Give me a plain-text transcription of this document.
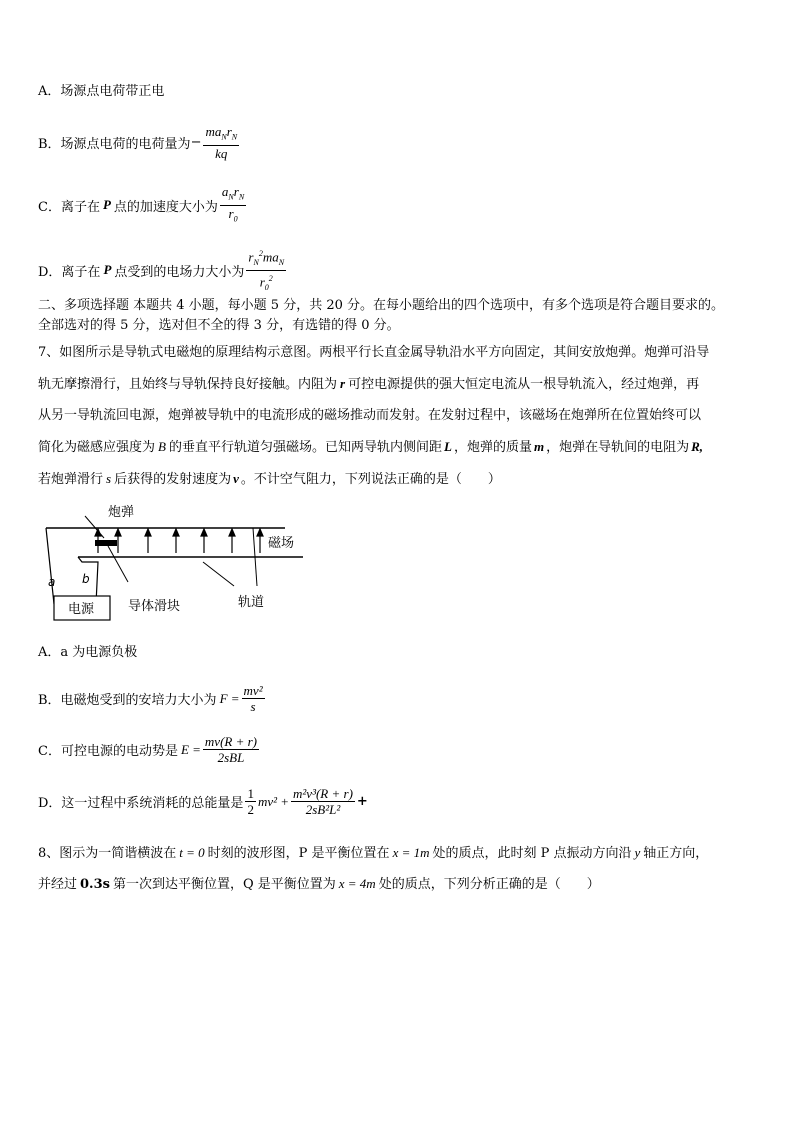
A．场源点电荷带正电
B．场源点电荷的电荷量为 − $\frac{ma_Nr_N}{kq}$
C．离子在 P 点的加速度大小为 $\frac{a_Nr_N}{r_0}$
D．离子在 P 点受到的电场力大小为 $\frac{r_N^2ma_N}{r_0^2}$
二、多项选择题 本题共 4 小题，每小题 5 分，共 20 分。在每小题给出的四个选项中，有多个选项是符合题目要求的。
全部选对的得 5 分，选对但不全的得 3 分，有选错的得 0 分。
7、如图所示是导轨式电磁炮的原理结构示意图。两根平行长直金属导轨沿水平方向固定，其间安放炮弹。炮弹可沿导
轨无摩擦滑行，且始终与导轨保持良好接触。内阻为 r 可控电源提供的强大恒定电流从一根导轨流入，经过炮弹，再
从另一导轨流回电源，炮弹被导轨中的电流形成的磁场推动而发射。在发射过程中，该磁场在炮弹所在位置始终可以
简化为磁感应强度为 B 的垂直平行轨道匀强磁场。已知两导轨内侧间距 L ，炮弹的质量 m ，炮弹在导轨间的电阻为 R,
若炮弹滑行 s 后获得的发射速度为 v 。不计空气阻力，下列说法正确的是（　　）
炮弹
磁场
a b
电源	导体滑块	轨道
A．a 为电源负极
B．电磁炮受到的安培力大小为 $F = \frac{\text{mv²}}{s}$
C．可控电源的电动势是 $E = \frac{mv(R + r)}{\text{2sBL}}$
D．这一过程中系统消耗的总能量是 $\frac{1}{2} mv^2 + \frac{\text{m²v³(R + r)}}{\text{2sB²L²}}$ +
8、图示为一简谐横波在 t = 0 时刻的波形图，P 是平衡位置在 x = 1m 处的质点，此时刻 P 点振动方向沿 y 轴正方向，
并经过 0.3s 第一次到达平衡位置，Q 是平衡位置为 x = 4m 处的质点，下列分析正确的是（　　）
